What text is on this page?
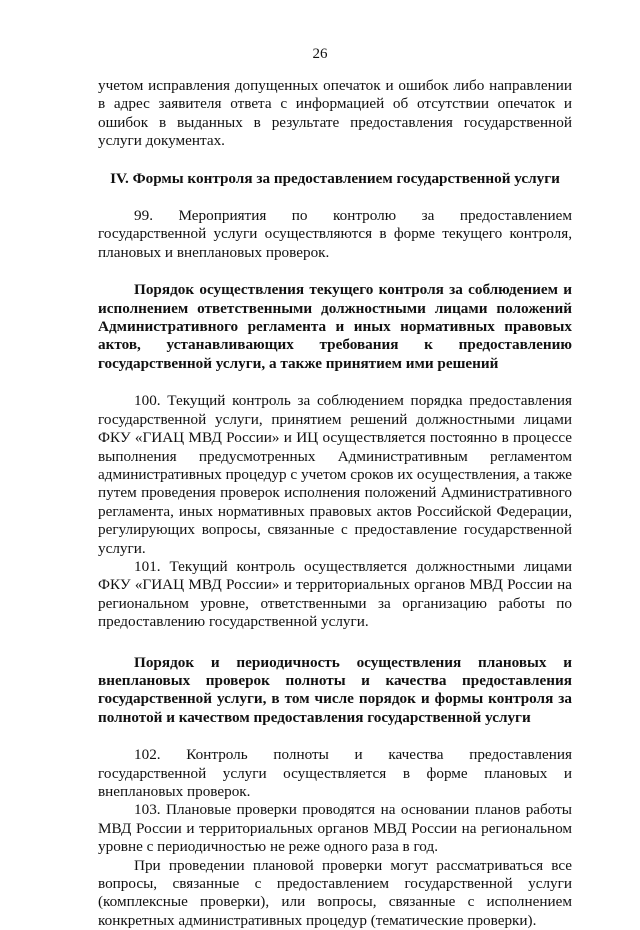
26

учетом исправления допущенных опечаток и ошибок либо направлении в адрес заявителя ответа с информацией об отсутствии опечаток и ошибок в выданных в результате предоставления государственной услуги документах.

IV. Формы контроля за предоставлением государственной услуги

99. Мероприятия по контролю за предоставлением государственной услуги осуществляются в форме текущего контроля, плановых и внеплановых проверок.

Порядок осуществления текущего контроля за соблюдением и исполнением ответственными должностными лицами положений Административного регламента и иных нормативных правовых актов, устанавливающих требования к предоставлению государственной услуги, а также принятием ими решений

100. Текущий контроль за соблюдением порядка предоставления государственной услуги, принятием решений должностными лицами ФКУ «ГИАЦ МВД России» и ИЦ осуществляется постоянно в процессе выполнения предусмотренных Административным регламентом административных процедур с учетом сроков их осуществления, а также путем проведения проверок исполнения положений Административного регламента, иных нормативных правовых актов Российской Федерации, регулирующих вопросы, связанные с предоставление государственной услуги.

101. Текущий контроль осуществляется должностными лицами ФКУ «ГИАЦ МВД России» и территориальных органов МВД России на региональном уровне, ответственными за организацию работы по предоставлению государственной услуги.

Порядок и периодичность осуществления плановых и внеплановых проверок полноты и качества предоставления государственной услуги, в том числе порядок и формы контроля за полнотой и качеством предоставления государственной услуги

102. Контроль полноты и качества предоставления государственной услуги осуществляется в форме плановых и внеплановых проверок.

103. Плановые проверки проводятся на основании планов работы МВД России и территориальных органов МВД России на региональном уровне с периодичностью не реже одного раза в год.

При проведении плановой проверки могут рассматриваться все вопросы, связанные с предоставлением государственной услуги (комплексные проверки), или вопросы, связанные с исполнением конкретных административных процедур (тематические проверки).
